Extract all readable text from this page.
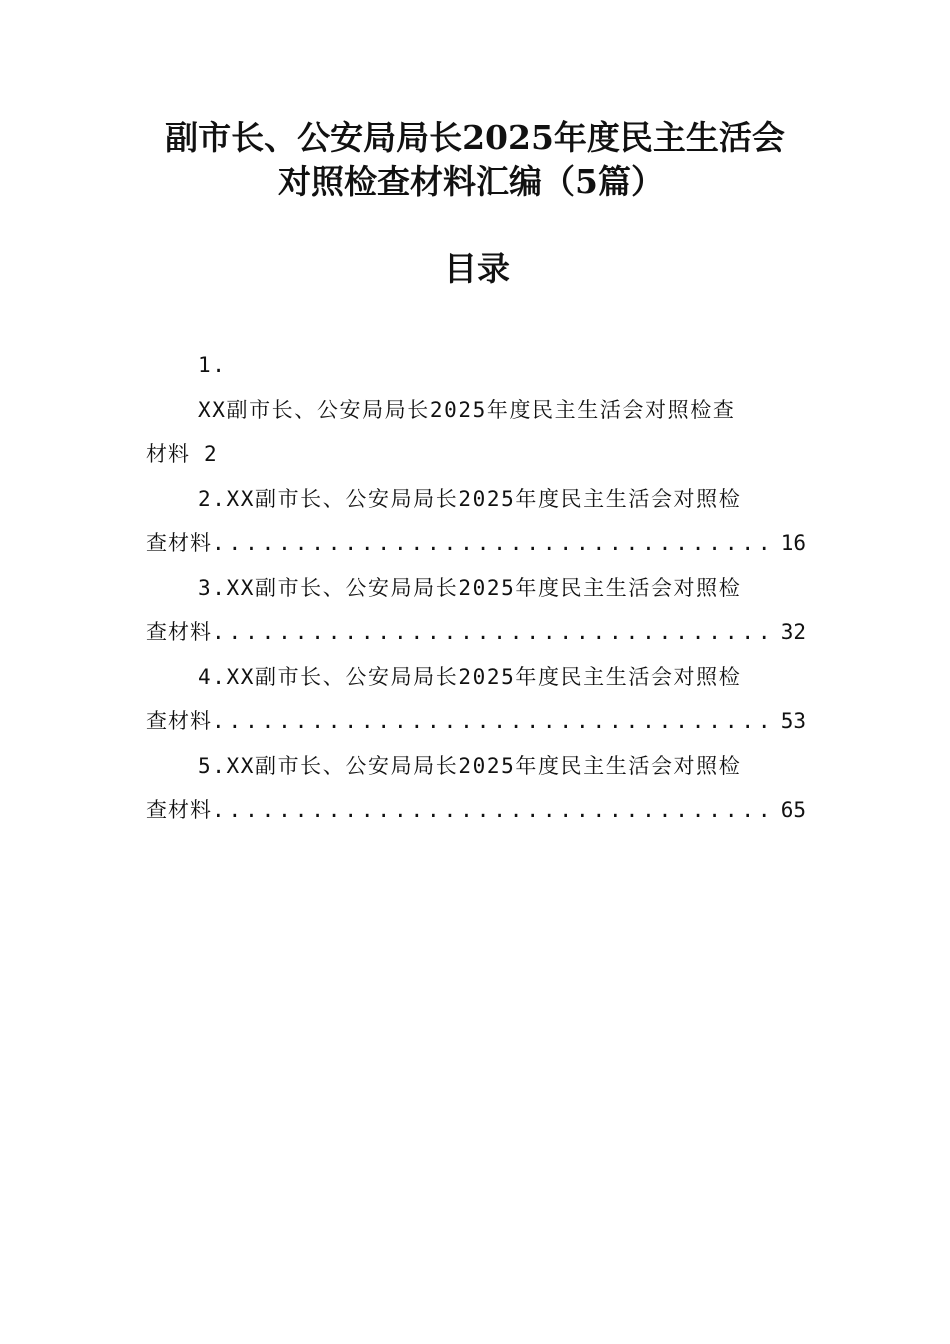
副市长、公安局局长2025年度民主生活会
对照检查材料汇编（5篇）
目录
1.
XX副市长、公安局局长2025年度民主生活会对照检查
材料 2
2.XX副市长、公安局局长2025年度民主生活会对照检
查材料 .....	16
3.XX副市长、公安局局长2025年度民主生活会对照检
查材料 .....	32
4.XX副市长、公安局局长2025年度民主生活会对照检
查材料 .....	53
5.XX副市长、公安局局长2025年度民主生活会对照检
查材料 .....	65
